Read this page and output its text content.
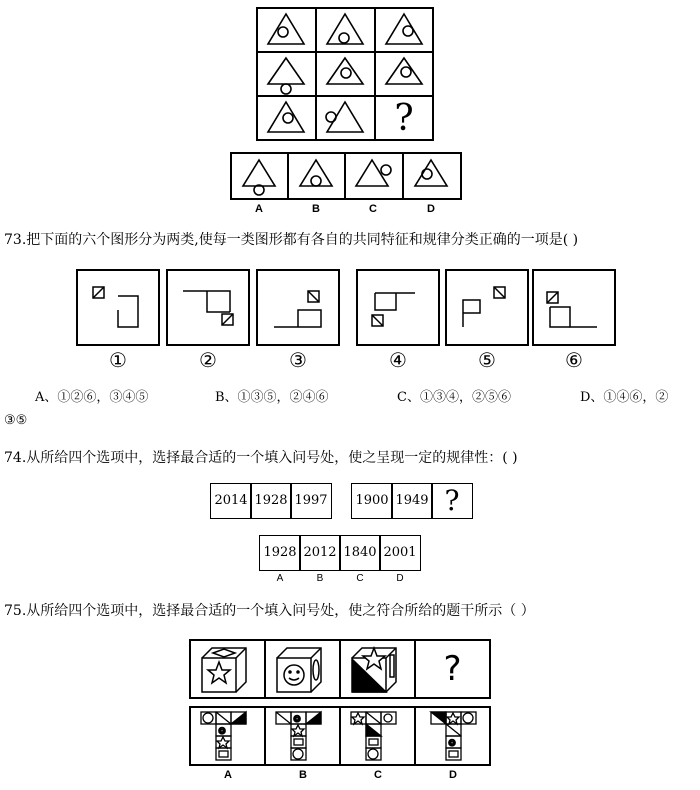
?
A	B	C	D
73.把下面的六个图形分为两类,使每一类图形都有各自的共同特征和规律分类正确的一项是( )
①	②	③	④	⑤	⑥
A、①②⑥，③④⑤	B、①③⑤，②④⑥	C、①③④，②⑤⑥	D、①④⑥，②
③⑤
74.从所给四个选项中，选择最合适的一个填入问号处，使之呈现一定的规律性：( )
2014 1928 1997	1900 1949 ?
1928 2012 1840 2001
A	B	C	D
75.从所给四个选项中，选择最合适的一个填入问号处，使之符合所给的题干所示（ ）
☺
☺
☺
?
A	B	C	D
